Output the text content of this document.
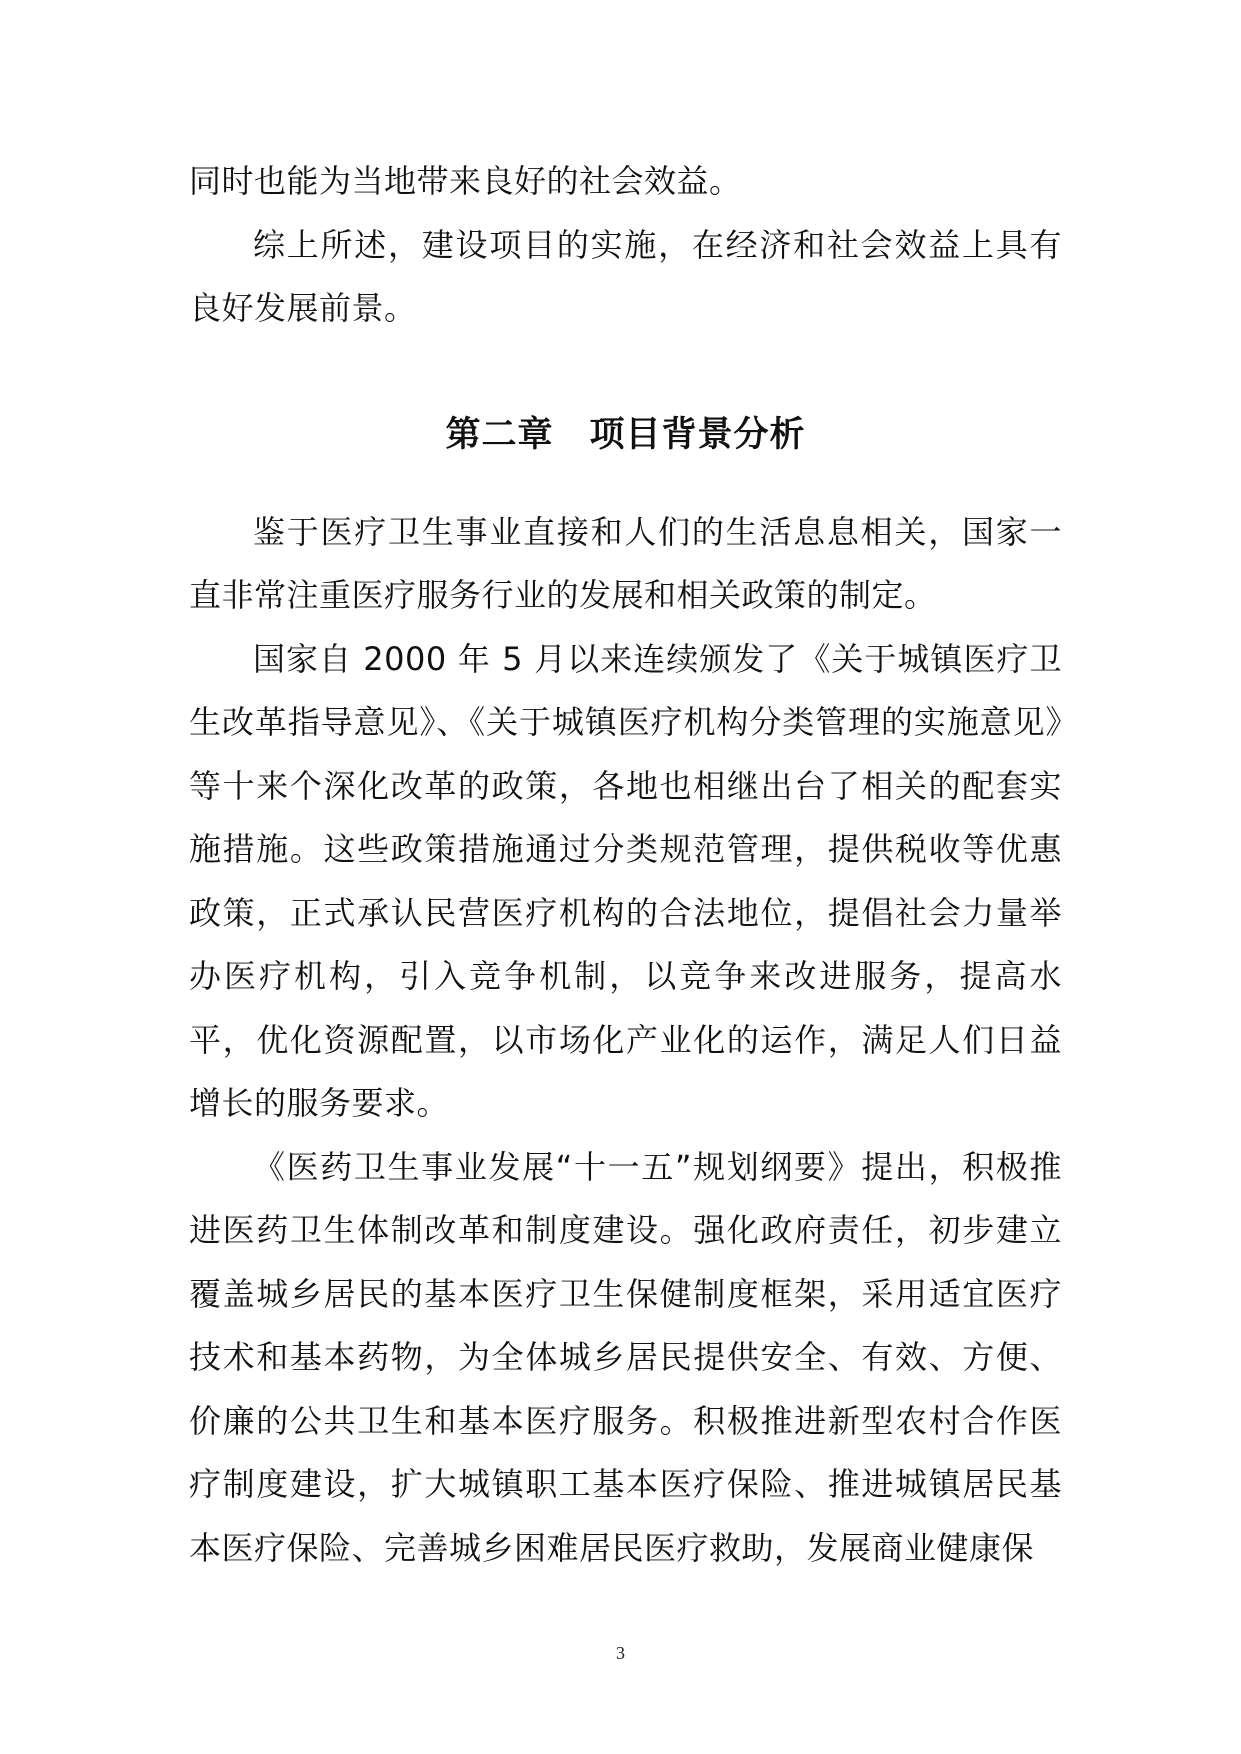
同时也能为当地带来良好的社会效益。

综上所述，建设项目的实施，在经济和社会效益上具有良好发展前景。

第二章　项目背景分析

鉴于医疗卫生事业直接和人们的生活息息相关，国家一直非常注重医疗服务行业的发展和相关政策的制定。

国家自 2000 年 5 月以来连续颁发了《关于城镇医疗卫生改革指导意见》、《关于城镇医疗机构分类管理的实施意见》等十来个深化改革的政策，各地也相继出台了相关的配套实施措施。这些政策措施通过分类规范管理，提供税收等优惠政策，正式承认民营医疗机构的合法地位，提倡社会力量举办医疗机构，引入竞争机制，以竞争来改进服务，提高水平，优化资源配置，以市场化产业化的运作，满足人们日益增长的服务要求。

《医药卫生事业发展“十一五”规划纲要》提出，积极推进医药卫生体制改革和制度建设。强化政府责任，初步建立覆盖城乡居民的基本医疗卫生保健制度框架，采用适宜医疗技术和基本药物，为全体城乡居民提供安全、有效、方便、价廉的公共卫生和基本医疗服务。积极推进新型农村合作医疗制度建设，扩大城镇职工基本医疗保险、推进城镇居民基本医疗保险、完善城乡困难居民医疗救助，发展商业健康保

3
